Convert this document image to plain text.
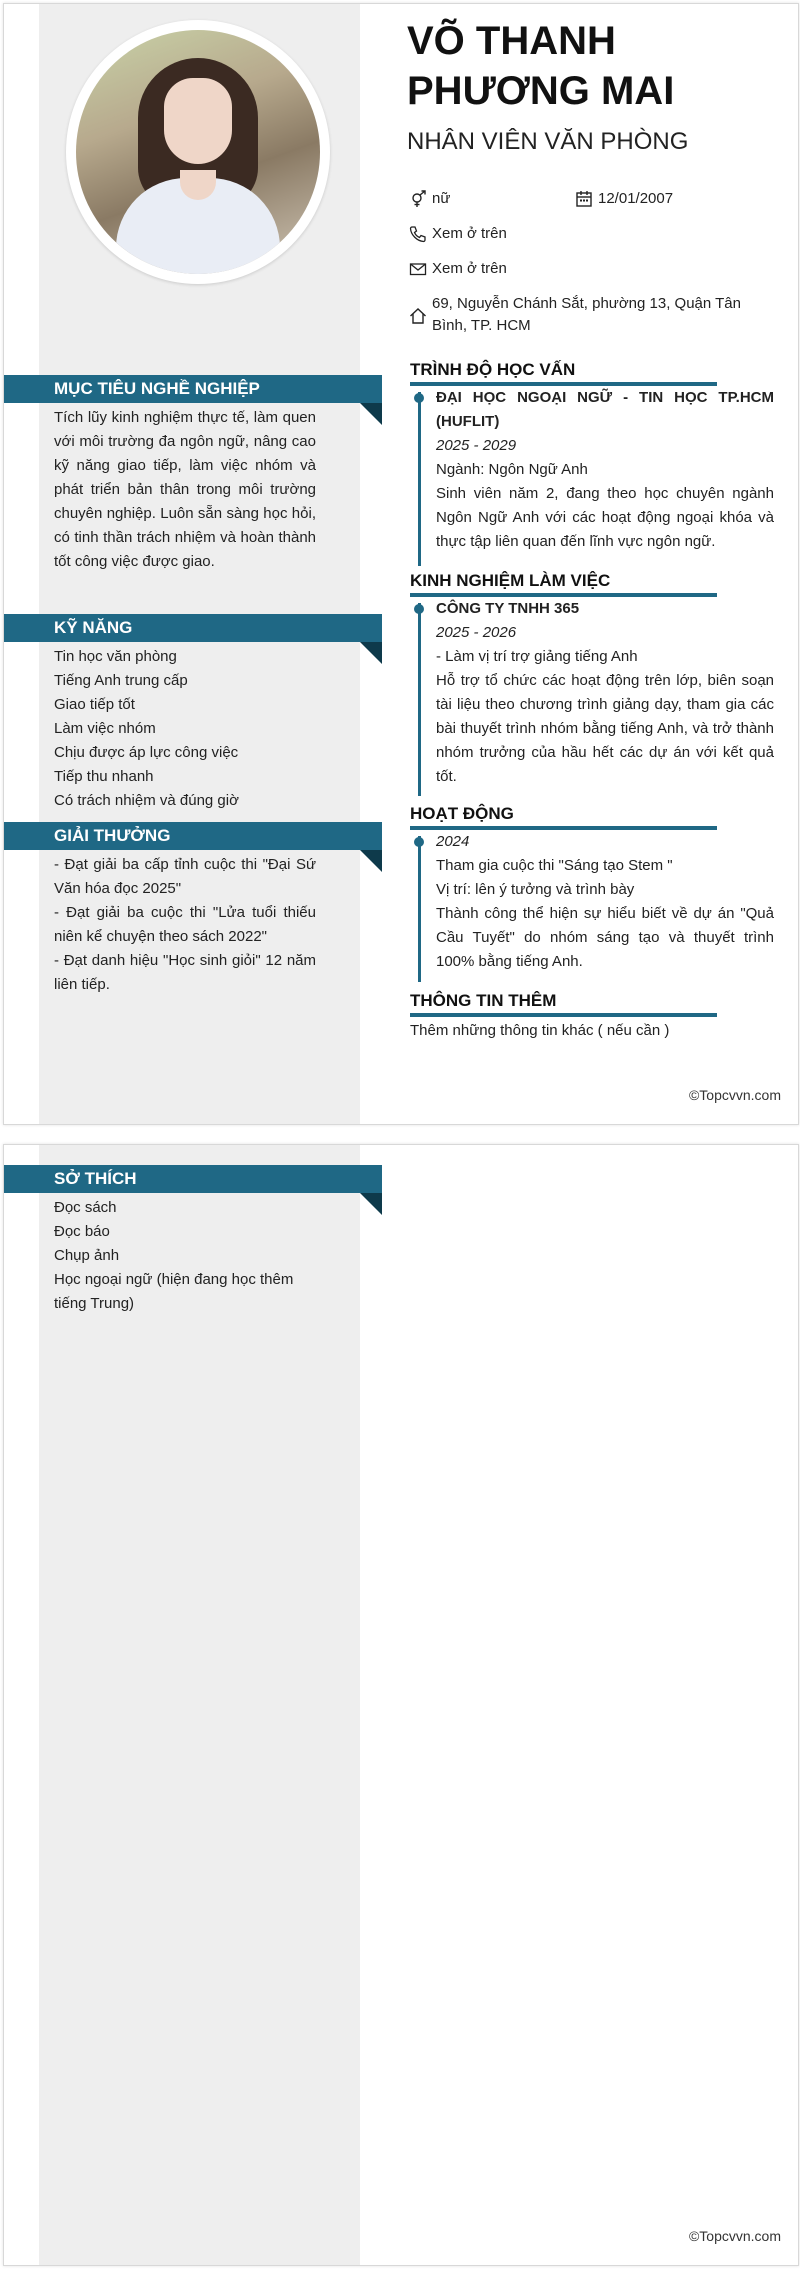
MỤC TIÊU NGHỀ NGHIỆP
Tích lũy kinh nghiệm thực tế, làm quen với môi trường đa ngôn ngữ, nâng cao kỹ năng giao tiếp, làm việc nhóm và phát triển bản thân trong môi trường chuyên nghiệp. Luôn sẵn sàng học hỏi, có tinh thần trách nhiệm và hoàn thành tốt công việc được giao.
KỸ NĂNG
Tin học văn phòng
Tiếng Anh trung cấp
Giao tiếp tốt
Làm việc nhóm
Chịu được áp lực công việc
Tiếp thu nhanh
Có trách nhiệm và đúng giờ
GIẢI THƯỞNG
- Đạt giải ba cấp tỉnh cuộc thi "Đại Sứ Văn hóa đọc 2025"
- Đạt giải ba cuộc thi "Lửa tuổi thiếu niên kể chuyện theo sách 2022"
- Đạt danh hiệu "Học sinh giỏi" 12 năm liên tiếp.
VÕ THANH PHƯƠNG MAI
NHÂN VIÊN VĂN PHÒNG
nữ	12/01/2007
Xem ở trên
Xem ở trên
69, Nguyễn Chánh Sắt, phường 13, Quận Tân Bình, TP. HCM
TRÌNH ĐỘ HỌC VẤN
ĐẠI HỌC NGOẠI NGỮ - TIN HỌC TP.HCM (HUFLIT)
2025 - 2029
Ngành: Ngôn Ngữ Anh
Sinh viên năm 2, đang theo học chuyên ngành Ngôn Ngữ Anh với các hoạt động ngoại khóa và thực tập liên quan đến lĩnh vực ngôn ngữ.
KINH NGHIỆM LÀM VIỆC
CÔNG TY TNHH 365
2025 - 2026
- Làm vị trí trợ giảng tiếng Anh
Hỗ trợ tổ chức các hoạt động trên lớp, biên soạn tài liệu theo chương trình giảng dạy, tham gia các bài thuyết trình nhóm bằng tiếng Anh, và trở thành nhóm trưởng của hầu hết các dự án với kết quả tốt.
HOẠT ĐỘNG
2024
Tham gia cuộc thi "Sáng tạo Stem "
Vị trí: lên ý tưởng và trình bày
Thành công thể hiện sự hiểu biết về dự án "Quả Cầu Tuyết" do nhóm sáng tạo và thuyết trình 100% bằng tiếng Anh.
THÔNG TIN THÊM
Thêm những thông tin khác ( nếu cần )
©Topcvvn.com
SỞ THÍCH
Đọc sách
Đọc báo
Chụp ảnh
Học ngoại ngữ (hiện đang học thêm tiếng Trung)
©Topcvvn.com
